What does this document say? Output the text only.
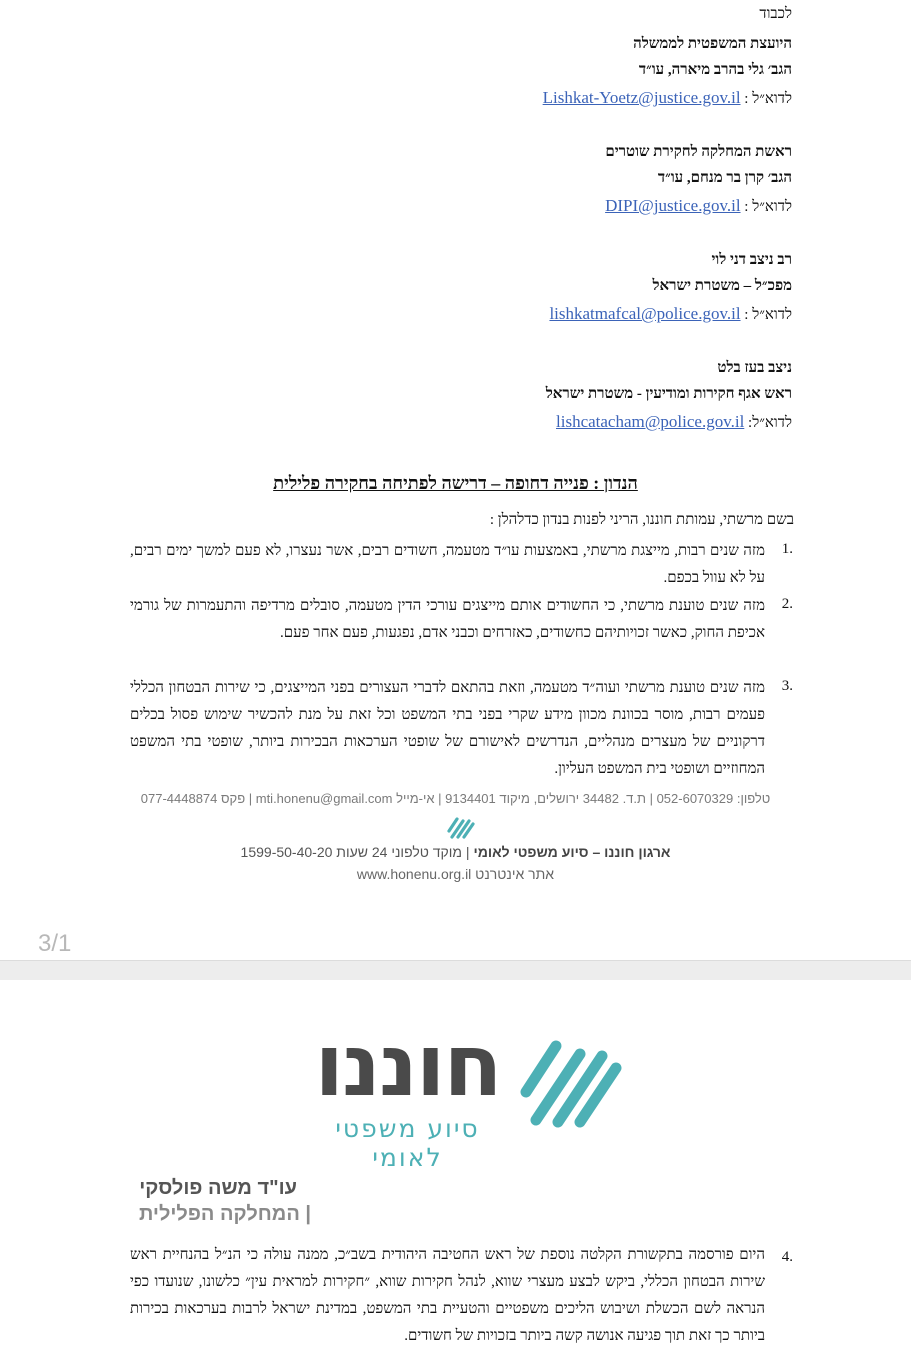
לכבוד
היועצת המשפטית לממשלה
הגב׳ גלי בהרב מיארה, עו״ד
לדוא״ל : Lishkat-Yoetz@justice.gov.il
ראשת המחלקה לחקירת שוטרים
הגב׳ קרן בר מנחם, עו״ד
לדוא״ל : DIPI@justice.gov.il
רב ניצב דני לוי
מפכ״ל – משטרת ישראל
לדוא״ל : lishkatmafcal@police.gov.il
ניצב בעז בלט
ראש אגף חקירות ומודיעין - משטרת ישראל
לדוא״ל: lishcatacham@police.gov.il
הנדון : פנייה דחופה – דרישה לפתיחה בחקירה פלילית
בשם מרשתי, עמותת חוננו, הריני לפנות בנדון כדלהלן :
1.
מזה שנים רבות, מייצגת מרשתי, באמצעות עו״ד מטעמה, חשודים רבים, אשר נעצרו, לא פעם למשך ימים רבים, על לא עוול בכפם.
2.
מזה שנים טוענת מרשתי, כי החשודים אותם מייצגים עורכי הדין מטעמה, סובלים מרדיפה והתעמרות של גורמי אכיפת החוק, כאשר זכויותיהם כחשודים, כאזרחים וכבני אדם, נפגעות, פעם אחר פעם.
3.
מזה שנים טוענת מרשתי ועוה״ד מטעמה, וזאת בהתאם לדברי העצורים בפני המייצגים, כי שירות הבטחון הכללי פעמים רבות, מוסר בכוונת מכוון מידע שקרי בפני בתי המשפט וכל זאת על מנת להכשיר שימוש פסול בכלים דרקוניים של מעצרים מנהליים, הנדרשים לאישורם של שופטי הערכאות הבכירות ביותר, שופטי בתי המשפט המחוזיים ושופטי בית המשפט העליון.
טלפון: 052-6070329 | ת.ד. 34482 ירושלים, מיקוד 9134401 | אי-מייל mti.honenu@gmail.com | פקס 077-4448874
ארגון חוננו – סיוע משפטי לאומי | מוקד טלפוני 24 שעות 1599-50-40-20
אתר אינטרנט www.honenu.org.il
3/1
חוננו
סיוע משפטי לאומי
עו"ד משה פולסקי
| המחלקה הפלילית
4.
היום פורסמה בתקשורת הקלטה נוספת של ראש החטיבה היהודית בשב״כ, ממנה עולה כי הנ״ל בהנחיית ראש שירות הבטחון הכללי, ביקש לבצע מעצרי שווא, לנהל חקירות שווא, ״חקירות למראית עין״ כלשונו, שנועדו כפי הנראה לשם הכשלת ושיבוש הליכים משפטיים והטעיית בתי המשפט, במדינת ישראל לרבות בערכאות בכירות ביותר כך זאת תוך פגיעה אנושה קשה ביותר בזכויות של חשודים.
